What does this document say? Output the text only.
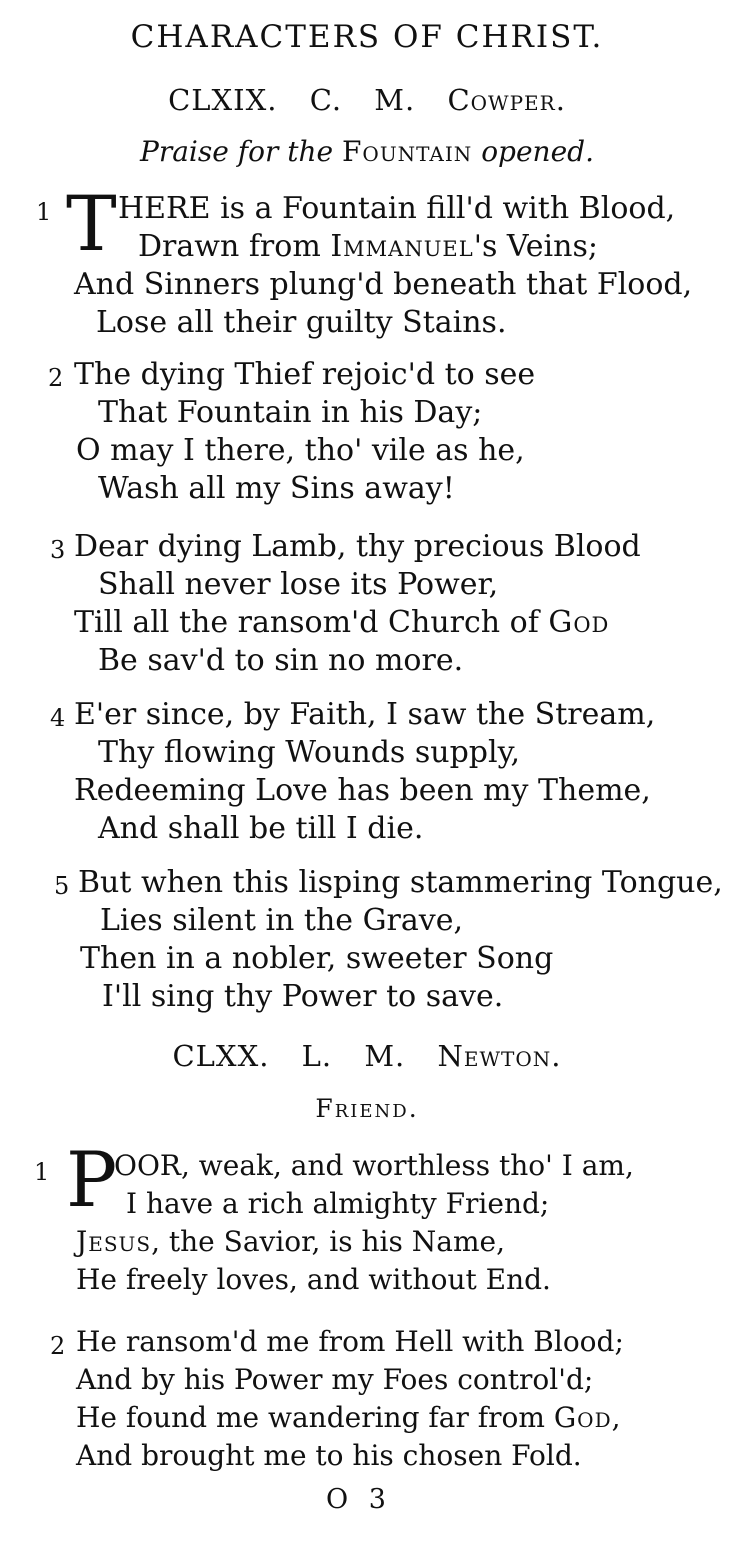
CHARACTERS OF CHRIST.
CLXIX. C. M. Cowper.
Praise for the Fountain opened.
1 T HERE is a Fountain fill'd with Blood,
Drawn from Immanuel's Veins;
And Sinners plung'd beneath that Flood,
Lose all their guilty Stains.
2 The dying Thief rejoic'd to see
That Fountain in his Day;
O may I there, tho' vile as he,
Wash all my Sins away!
3 Dear dying Lamb, thy precious Blood
Shall never lose its Power,
Till all the ransom'd Church of God
Be sav'd to sin no more.
4 E'er since, by Faith, I saw the Stream,
Thy flowing Wounds supply,
Redeeming Love has been my Theme,
And shall be till I die.
5 But when this lisping stammering Tongue,
Lies silent in the Grave,
Then in a nobler, sweeter Song
I'll sing thy Power to save.
CLXX. L. M. Newton.
Friend.
1 P
OOR, weak, and worthless tho' I am,
I have a rich almighty Friend;
Jesus, the Savior, is his Name,
He freely loves, and without End.
2 He ransom'd me from Hell with Blood;
And by his Power my Foes control'd;
He found me wandering far from God,
And brought me to his chosen Fold.
O 3
